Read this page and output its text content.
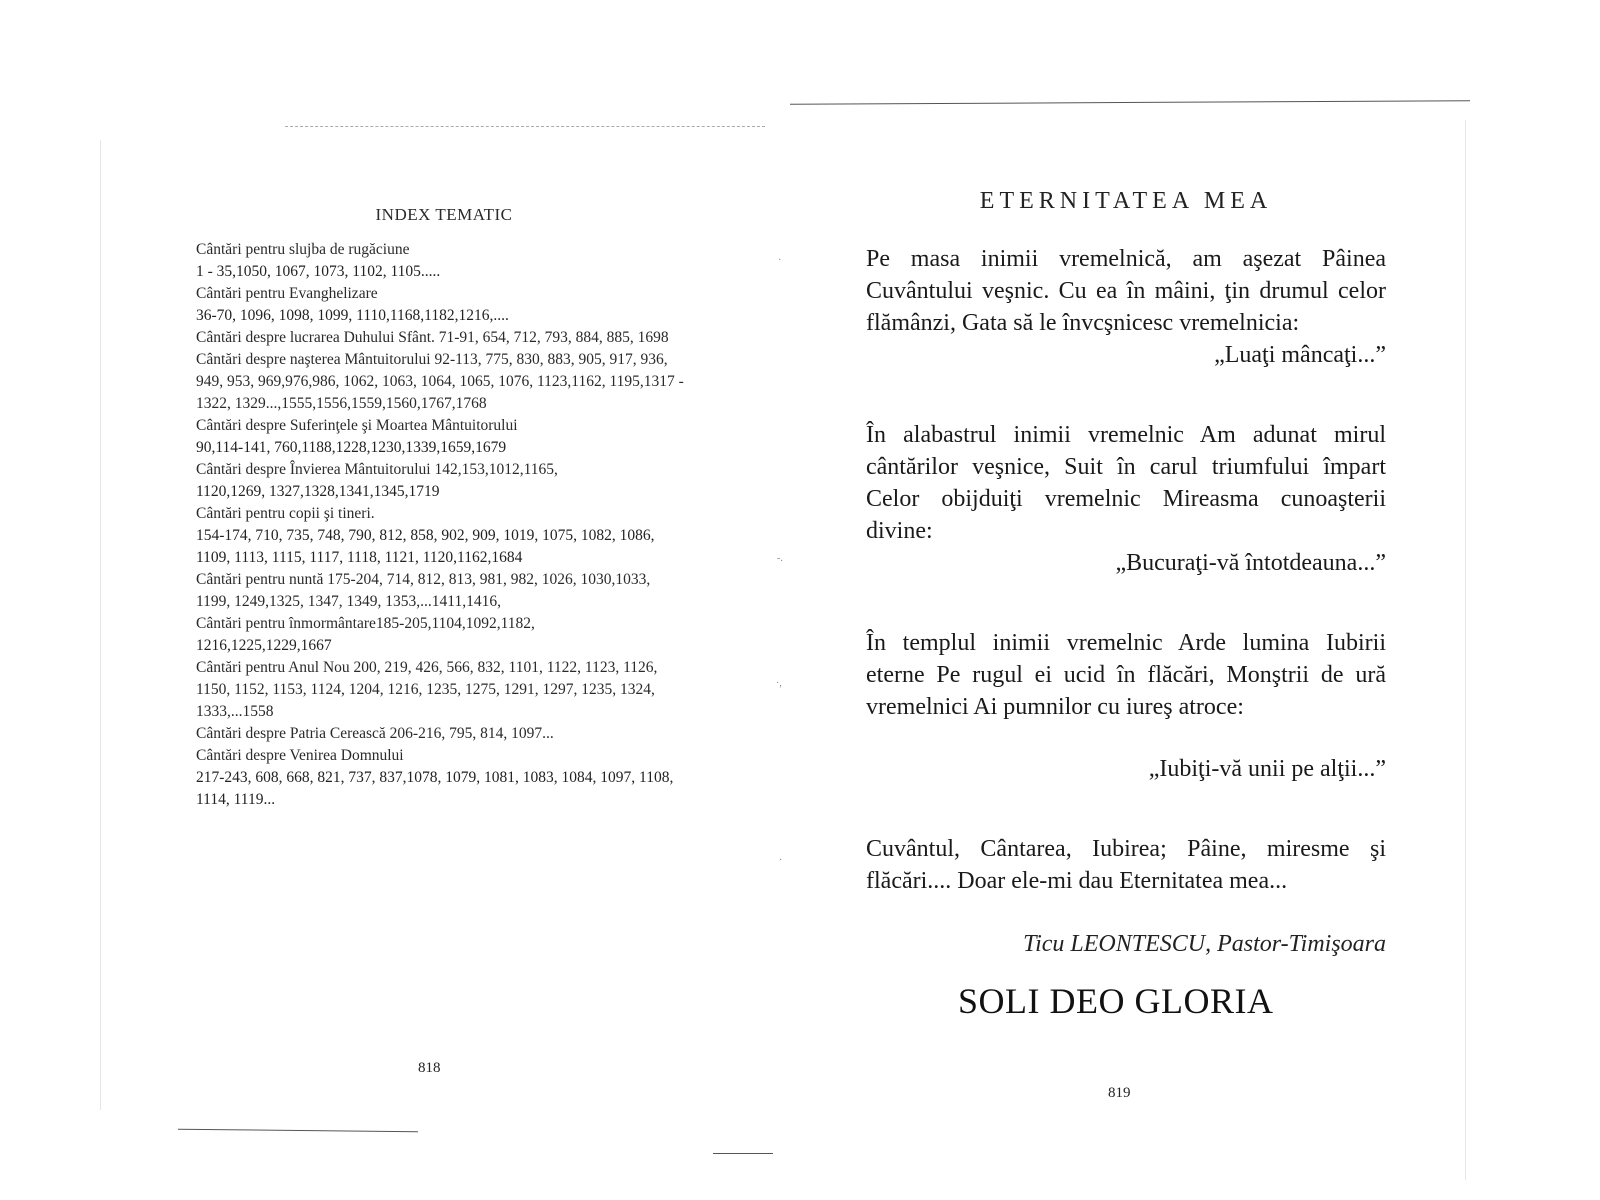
·
-.
·,
·
INDEX TEMATIC

Cântări pentru slujba de rugăciune

1 - 35,1050, 1067, 1073, 1102, 1105.....

Cântări pentru Evanghelizare

36-70, 1096, 1098, 1099, 1110,1168,1182,1216,....

Cântări despre lucrarea Duhului Sfânt. 71-91, 654, 712, 793, 884, 885, 1698

Cântări despre naşterea Mântuitorului 92-113, 775, 830, 883, 905, 917, 936, 949, 953, 969,976,986, 1062, 1063, 1064, 1065, 1076, 1123,1162, 1195,1317 - 1322, 1329...,1555,1556,1559,1560,1767,1768

Cântări despre Suferinţele şi Moartea Mântuitorului

90,114-141, 760,1188,1228,1230,1339,1659,1679

Cântări despre Învierea Mântuitorului 142,153,1012,1165,

1120,1269, 1327,1328,1341,1345,1719

Cântări pentru copii şi tineri.

154-174, 710, 735, 748, 790, 812, 858, 902, 909, 1019, 1075, 1082, 1086, 1109, 1113, 1115, 1117, 1118, 1121, 1120,1162,1684

Cântări pentru nuntă 175-204, 714, 812, 813, 981, 982, 1026, 1030,1033, 1199, 1249,1325, 1347, 1349, 1353,...1411,1416,

Cântări pentru înmormântare185-205,1104,1092,1182,

1216,1225,1229,1667

Cântări pentru Anul Nou 200, 219, 426, 566, 832, 1101, 1122, 1123, 1126, 1150, 1152, 1153, 1124, 1204, 1216, 1235, 1275, 1291, 1297, 1235, 1324, 1333,...1558

Cântări despre Patria Cerească 206-216, 795, 814, 1097...

Cântări despre Venirea Domnului

217-243, 608, 668, 821, 737, 837,1078, 1079, 1081, 1083, 1084, 1097, 1108, 1114, 1119...

818
ETERNITATEA MEA

Pe masa inimii vremelnică, am aşezat Pâinea Cuvântului veşnic. Cu ea în mâini, ţin drumul celor flămânzi, Gata să le învcşnicesc vremelnicia:

„Luaţi mâncaţi...”

În alabastrul inimii vremelnic Am adunat mirul cântărilor veşnice, Suit în carul triumfului împart Celor obijduiţi vremelnic Mireasma cunoaşterii divine:

„Bucuraţi-vă întotdeauna...”

În templul inimii vremelnic Arde lumina Iubirii eterne Pe rugul ei ucid în flăcări, Monştrii de ură vremelnici Ai pumnilor cu iureş atroce:

„Iubiţi-vă unii pe alţii...”

Cuvântul, Cântarea, Iubirea; Pâine, miresme şi flăcări.... Doar ele-mi dau Eternitatea mea...

Ticu LEONTESCU, Pastor-Timişoara

SOLI DEO GLORIA

819
